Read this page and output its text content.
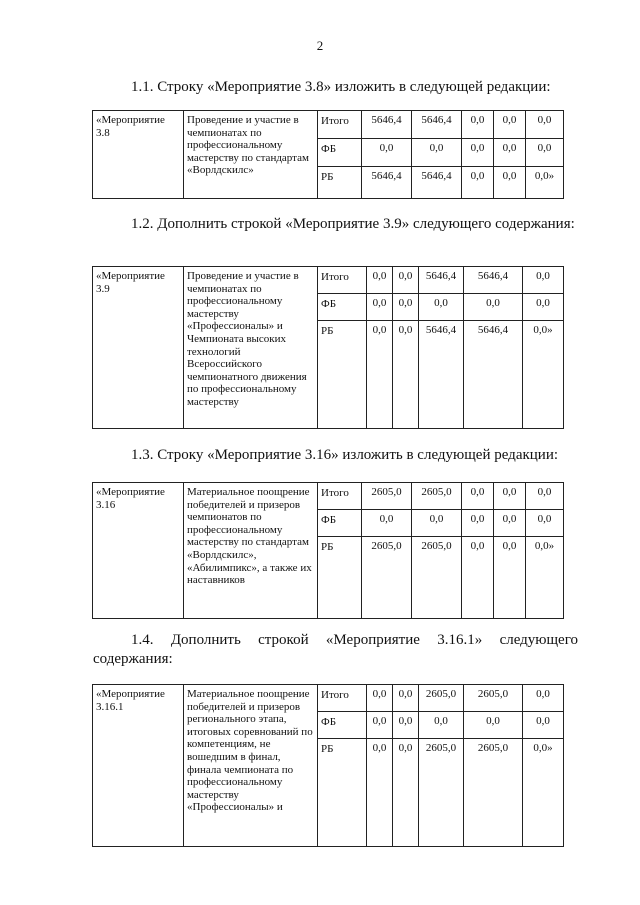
2
1.1. Строку «Мероприятие 3.8» изложить в следующей редакции:
«Мероприятие 3.8	Проведение и участие в чемпионатах по профессиональному мастерству по стандартам «Ворлдскилс»	Итого	5646,4	5646,4	0,0	0,0	0,0
		ФБ	0,0	0,0	0,0	0,0	0,0
		РБ	5646,4	5646,4	0,0	0,0	0,0»
1.2. Дополнить строкой «Мероприятие 3.9» следующего содержания:
«Мероприятие 3.9	Проведение и участие в чемпионатах по профессиональному мастерству «Профессионалы» и Чемпионата высоких технологий Всероссийского чемпионатного движения по профессиональному мастерству	Итого	0,0	0,0	5646,4	5646,4	0,0
		ФБ	0,0	0,0	0,0	0,0	0,0
		РБ	0,0	0,0	5646,4	5646,4	0,0»
1.3. Строку «Мероприятие 3.16» изложить в следующей редакции:
«Мероприятие 3.16	Материальное поощрение победителей и призеров чемпионатов по профессиональному мастерству по стандартам «Ворлдскилс», «Абилимпикс», а также их наставников	Итого	2605,0	2605,0	0,0	0,0	0,0
		ФБ	0,0	0,0	0,0	0,0	0,0
		РБ	2605,0	2605,0	0,0	0,0	0,0»
1.4. Дополнить строкой «Мероприятие 3.16.1» следующего содержания:
«Мероприятие 3.16.1	Материальное поощрение победителей и призеров регионального этапа, итоговых соревнований по компетенциям, не вошедшим в финал, финала чемпионата по профессиональному мастерству «Профессионалы» и	Итого	0,0	0,0	2605,0	2605,0	0,0
		ФБ	0,0	0,0	0,0	0,0	0,0
		РБ	0,0	0,0	2605,0	2605,0	0,0»
